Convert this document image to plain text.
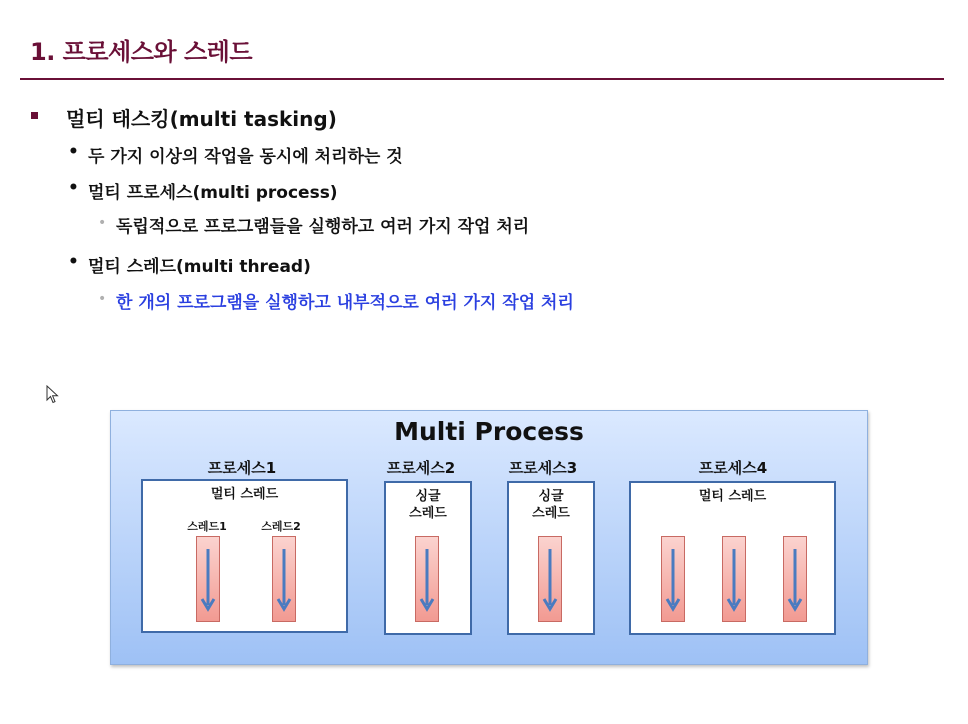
1. 프로세스와 스레드
멀티 태스킹(multi tasking)
• 두 가지 이상의 작업을 동시에 처리하는 것
• 멀티 프로세스(multi process)
• 독립적으로 프로그램들을 실행하고 여러 가지 작업 처리
• 멀티 스레드(multi thread)
• 한 개의 프로그램을 실행하고 내부적으로 여러 가지 작업 처리
Multi Process
프로세스1
멀티 스레드
스레드1	스레드2
프로세스2
싱글
스레드
프로세스3
싱글
스레드
프로세스4
멀티 스레드
